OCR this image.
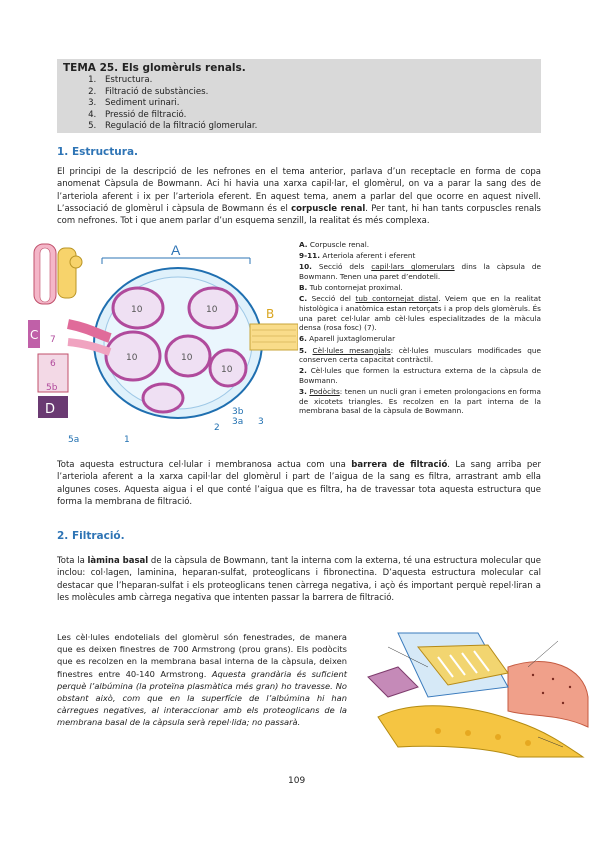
TEMA 25. Els glomèruls renals.
1. Estructura.
2. Filtració de substàncies.
3. Sediment urinari.
4. Pressió de filtració.
5. Regulació de la filtració glomerular.
1. Estructura.

El principi de la descripció de les nefrones en el tema anterior, parlava d’un receptacle en forma de copa anomenat Càpsula de Bowmann. Aci hi havia una xarxa capil·lar, el glomèrul, on va a parar la sang des de l’arteriola aferent i ix per l’arteriola eferent. En aquest tema, anem a parlar del que ocorre en aquest nivell. L’associació de glomèrul i càpsula de Bowmann és el corpuscle renal. Per tant, hi han tants corpuscles renals com nefrones. Tot i que anem parlar d’un esquema senzill, la realitat és més complexa.

A
10	10
10	10
10
B
C
D
7
6
5b
5a	1
2
3b
3a 3

A. Corpuscle renal.

9-11. Arteriola aferent i eferent

10. Secció dels capil·lars glomerulars dins la càpsula de Bowmann. Tenen una paret d’endoteli.

B. Tub contornejat proximal.

C. Secció del tub contornejat distal. Veiem que en la realitat histològica i anatòmica estan retorçats i a prop dels glomèruls. És una paret cel·lular amb cèl·lules especialitzades de la màcula densa (rosa fosc) (7).

6. Aparell juxtaglomerular

5. Cèl·lules mesangials: cèl·lules musculars modificades que conserven certa capacitat contràctil.

2. Cèl·lules que formen la estructura externa de la càpsula de Bowmann.

3. Podòcits: tenen un nucli gran i emeten prolongacions en forma de xicotets triangles. Es recolzen en la part interna de la membrana basal de la càpsula de Bowmann.

Tota aquesta estructura cel·lular i membranosa actua com una barrera de filtració. La sang arriba per l’arteriola aferent a la xarxa capil·lar del glomèrul i part de l’aigua de la sang es filtra, arrastrant amb ella algunes coses. Aquesta aigua i el que conté l’aigua que es filtra, ha de travessar tota aquesta estructura que forma la membrana de filtració.

2. Filtració.

Tota la làmina basal de la càpsula de Bowmann, tant la interna com la externa, té una estructura molecular que inclou: col·lagen, laminina, heparan-sulfat, proteoglicans i fibronectina. D’aquesta estructura molecular cal destacar que l’heparan-sulfat i els proteoglicans tenen càrrega negativa, i açò és important perquè repel·liran a les molècules amb càrrega negativa que intenten passar la barrera de filtració.

Les cèl·lules endotelials del glomèrul són fenestrades, de manera que es deixen finestres de 700 Armstrong (prou grans). Els podòcits que es recolzen en la membrana basal interna de la càpsula, deixen finestres entre 40-140 Armstrong. Aquesta grandària és suficient perquè l’albúmina (la proteïna plasmàtica més gran) ho travesse. No obstant això, com que en la superfície de l’albúmina hi han càrregues negatives, al interaccionar amb els proteoglicans de la membrana basal de la càpsula serà repel·lida; no passarà.

109
